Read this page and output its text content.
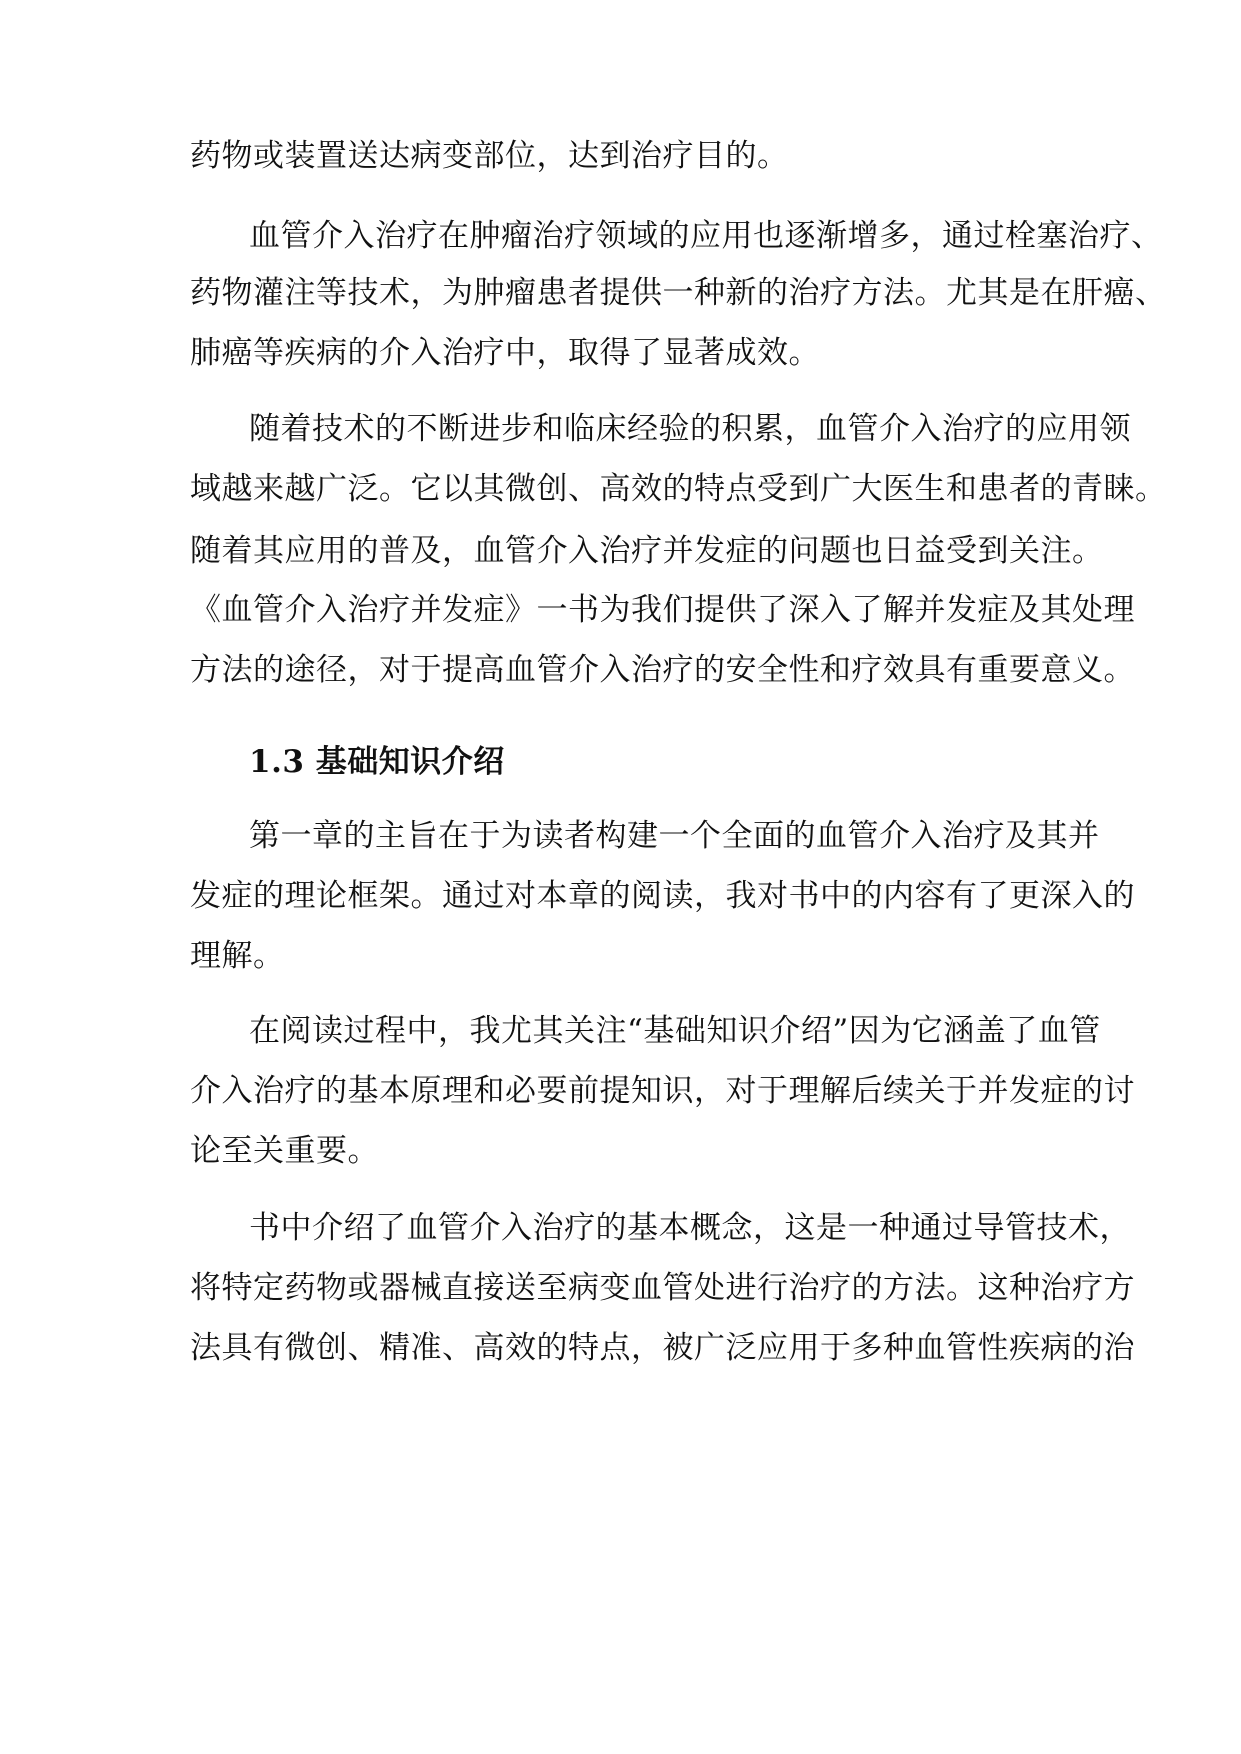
药物或装置送达病变部位，达到治疗目的。
血管介入治疗在肿瘤治疗领域的应用也逐渐增多，通过栓塞治疗、
药物灌注等技术，为肿瘤患者提供一种新的治疗方法。尤其是在肝癌、
肺癌等疾病的介入治疗中，取得了显著成效。
随着技术的不断进步和临床经验的积累，血管介入治疗的应用领
域越来越广泛。它以其微创、高效的特点受到广大医生和患者的青睐。
随着其应用的普及，血管介入治疗并发症的问题也日益受到关注。
《血管介入治疗并发症》一书为我们提供了深入了解并发症及其处理
方法的途径，对于提高血管介入治疗的安全性和疗效具有重要意义。
1.3 基础知识介绍
第一章的主旨在于为读者构建一个全面的血管介入治疗及其并
发症的理论框架。通过对本章的阅读，我对书中的内容有了更深入的
理解。
在阅读过程中，我尤其关注“基础知识介绍”因为它涵盖了血管
介入治疗的基本原理和必要前提知识，对于理解后续关于并发症的讨
论至关重要。
书中介绍了血管介入治疗的基本概念，这是一种通过导管技术，
将特定药物或器械直接送至病变血管处进行治疗的方法。这种治疗方
法具有微创、精准、高效的特点，被广泛应用于多种血管性疾病的治
